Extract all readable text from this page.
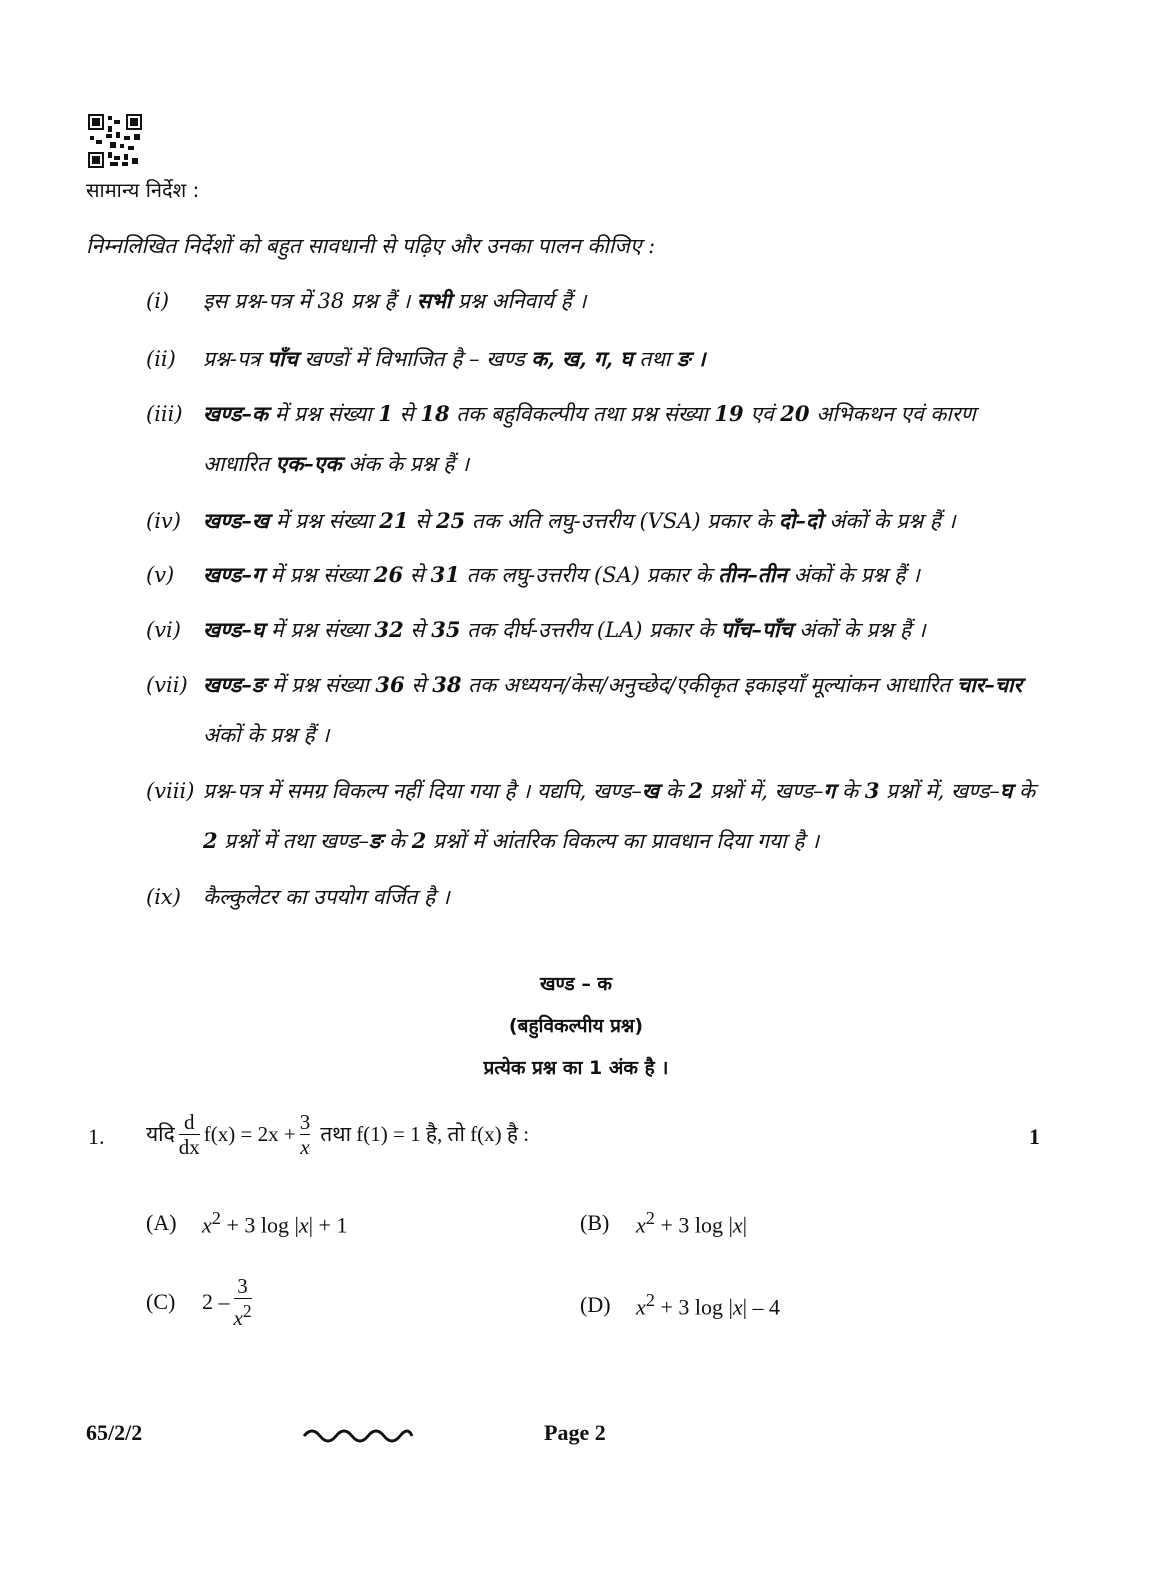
सामान्य निर्देश :
निम्नलिखित निर्देशों को बहुत सावधानी से पढ़िए और उनका पालन कीजिए :
(i) इस प्रश्न-पत्र में 38 प्रश्न हैं । सभी प्रश्न अनिवार्य हैं ।
(ii) प्रश्न-पत्र पाँच खण्डों में विभाजित है – खण्ड क, ख, ग, घ तथा ङ ।
(iii) खण्ड–क में प्रश्न संख्या 1 से 18 तक बहुविकल्पीय तथा प्रश्न संख्या 19 एवं 20 अभिकथन एवं कारण आधारित एक–एक अंक के प्रश्न हैं ।
(iv) खण्ड–ख में प्रश्न संख्या 21 से 25 तक अति लघु-उत्तरीय (VSA) प्रकार के दो–दो अंकों के प्रश्न हैं ।
(v) खण्ड–ग में प्रश्न संख्या 26 से 31 तक लघु-उत्तरीय (SA) प्रकार के तीन–तीन अंकों के प्रश्न हैं ।
(vi) खण्ड–घ में प्रश्न संख्या 32 से 35 तक दीर्घ-उत्तरीय (LA) प्रकार के पाँच–पाँच अंकों के प्रश्न हैं ।
(vii) खण्ड–ङ में प्रश्न संख्या 36 से 38 तक अध्ययन/केस/अनुच्छेद/एकीकृत इकाइयाँ मूल्यांकन आधारित चार–चार अंकों के प्रश्न हैं ।
(viii) प्रश्न-पत्र में समग्र विकल्प नहीं दिया गया है । यद्यपि, खण्ड–ख के 2 प्रश्नों में, खण्ड–ग के 3 प्रश्नों में, खण्ड–घ के 2 प्रश्नों में तथा खण्ड–ङ के 2 प्रश्नों में आंतरिक विकल्प का प्रावधान दिया गया है ।
(ix) कैल्कुलेटर का उपयोग वर्जित है ।
खण्ड – क
(बहुविकल्पीय प्रश्न)
प्रत्येक प्रश्न का 1 अंक है ।
1. यदि $\frac{d}{dx} f(x) = 2x + \frac{3}{x}$ तथा f(1) = 1 है, तो f(x) है :	1
(A)	$x^2 + 3$ log |x| + 1	(B)	$x^2 + 3$ log |x|
(C)	$2 - \frac{3}{x^2}$	(D)	$x^2 + 3$ log |x| – 4
65/2/2	Page 2
